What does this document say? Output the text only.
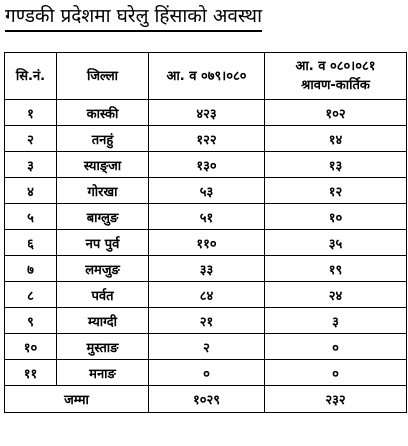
गण्डकी प्रदेशमा घरेलु हिंसाको अवस्था
सि.नं.	जिल्ला	आ. व ०७९।०८०	आ. व ०८०।०८१
श्रावण-कार्तिक

१	कास्की	४२३	१०२
२	तनहुं	१२२	१४
३	स्याङ्जा	१३०	१३
४	गोरखा	५३	१२
५	बाग्लुङ	५१	१०
६	नप पुर्व	११०	३५
७	लमजुङ	३३	१९
८	पर्वत	८४	२४
९	म्याग्दी	२१	३
१०	मुस्ताङ	२	०
११	मनाङ	०	०
जम्मा		१०२९	२३२
